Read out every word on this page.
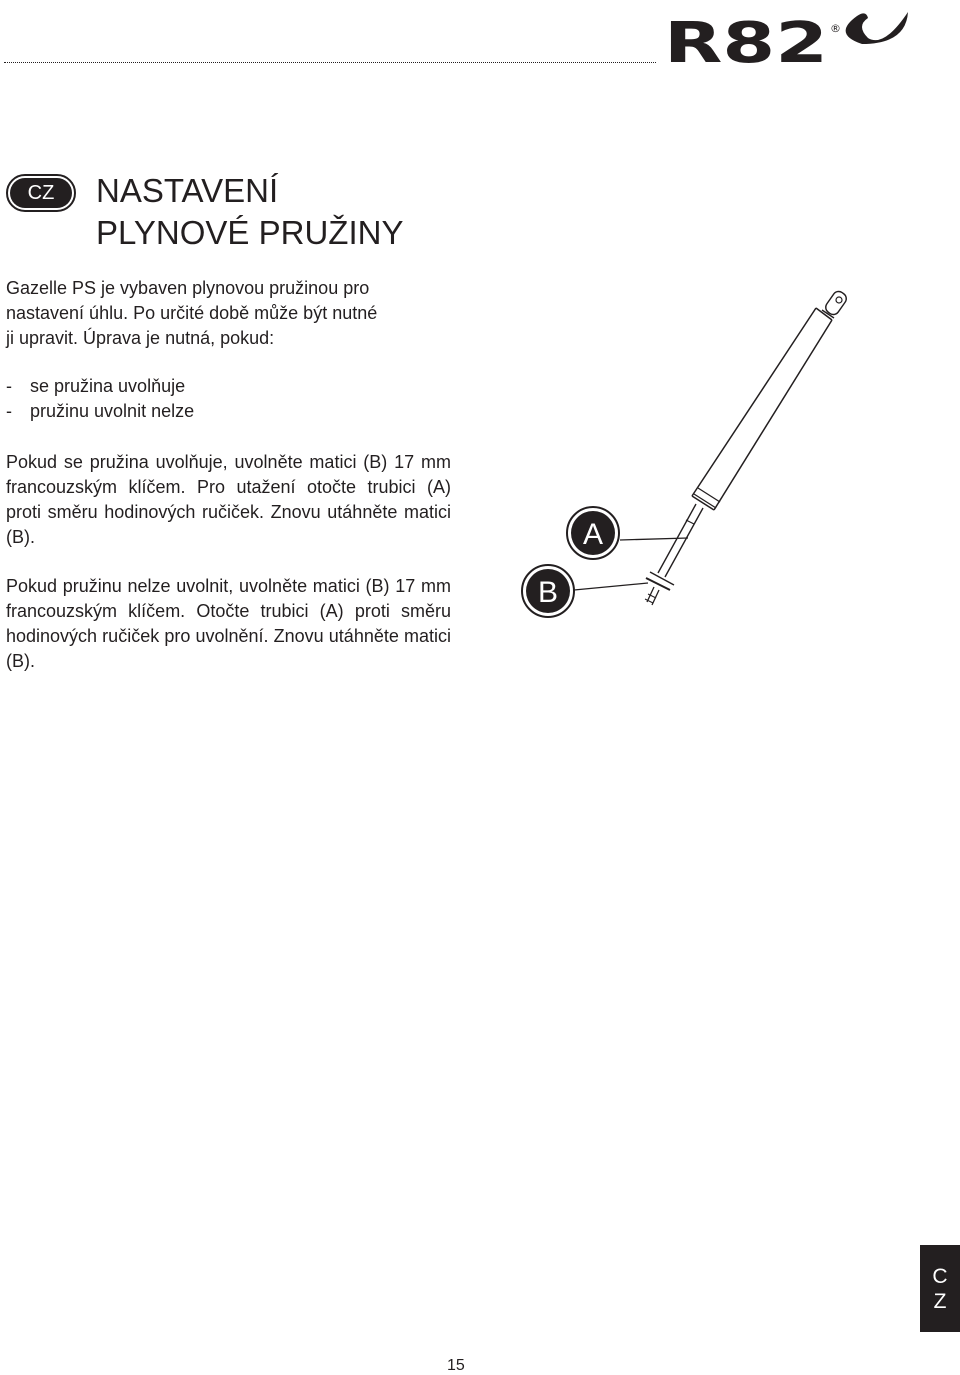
R82 ®
CZ	NASTAVENÍ
PLYNOVÉ PRUŽINY

Gazelle PS je vybaven plynovou pružinou pro
nastavení úhlu. Po určité době může být nutné
ji upravit. Úprava je nutná, pokud:

- se pružina uvolňuje
- pružinu uvolnit nelze

Pokud se pružina uvolňuje, uvolněte matici (B) 17 mm francouzským klíčem. Pro utažení otočte trubici (A) proti směru hodinových ručiček. Znovu utáhněte matici (B).

Pokud pružinu nelze uvolnit, uvolněte matici (B) 17 mm francouzským klíčem. Otočte trubici (A) proti směru hodinových ručiček pro uvolnění. Znovu utáhněte matici (B).

A
B
C
Z
15
